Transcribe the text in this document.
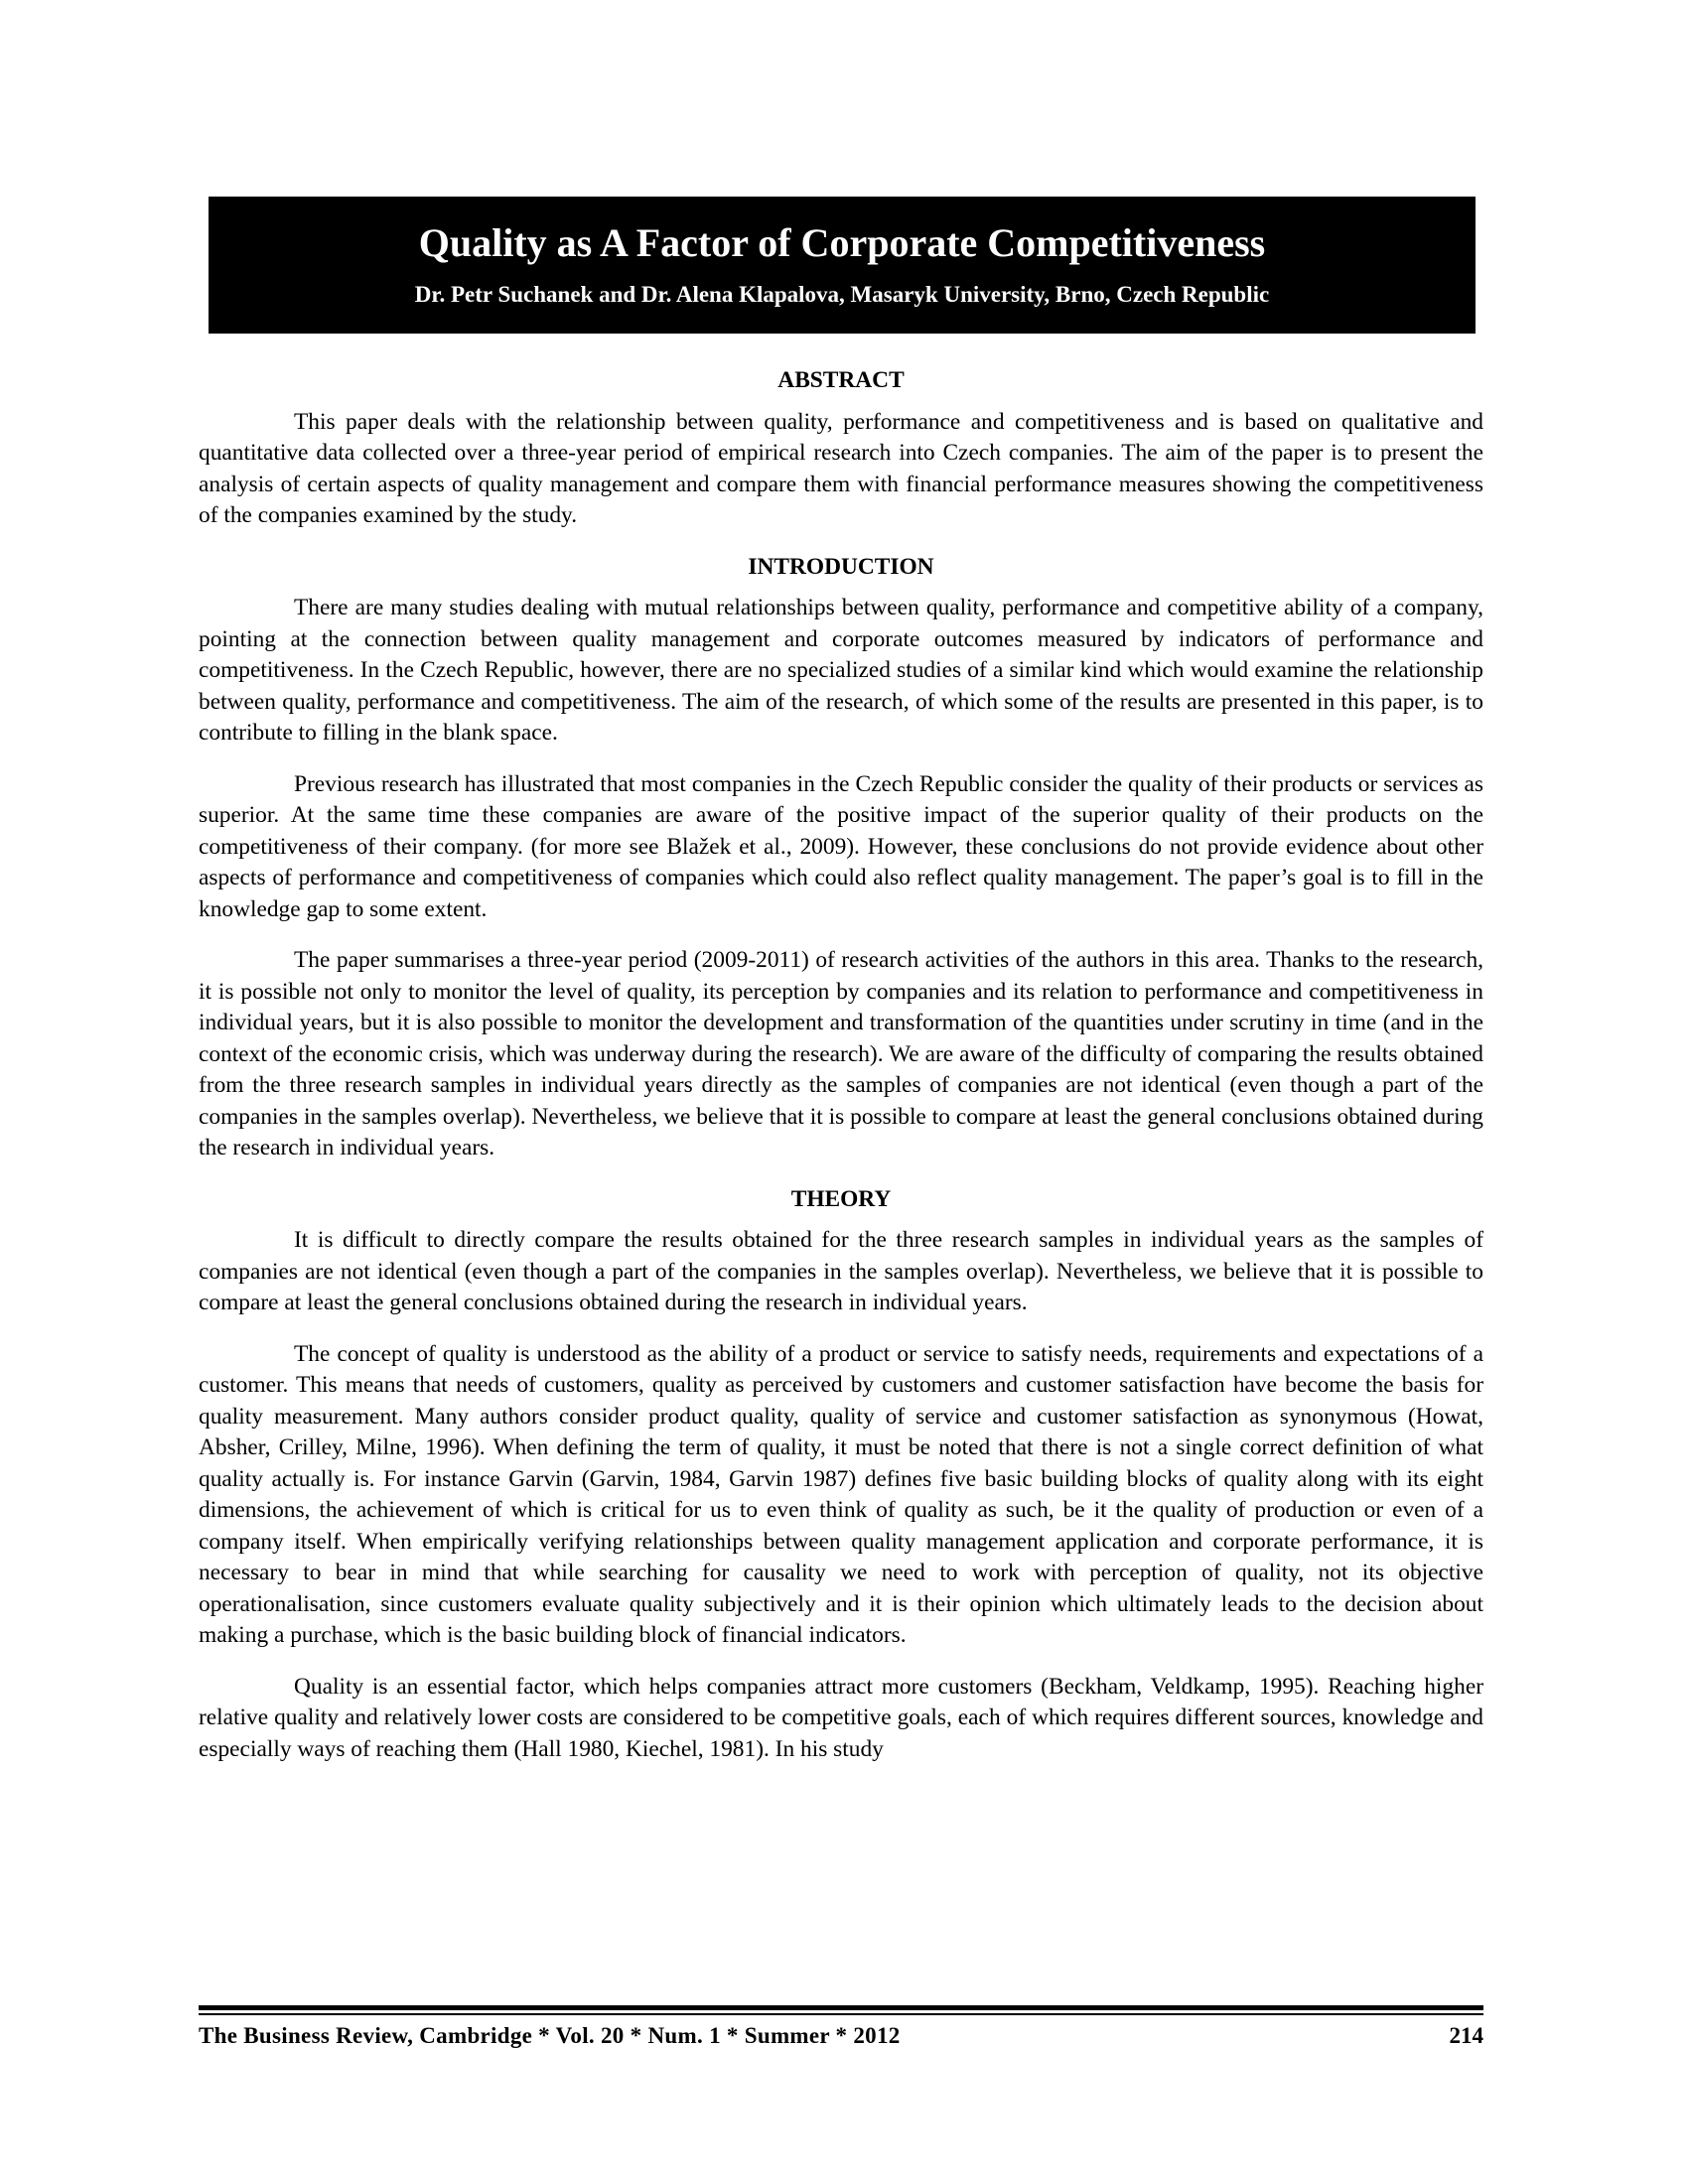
Quality as A Factor of Corporate Competitiveness
Dr. Petr Suchanek and Dr. Alena Klapalova, Masaryk University, Brno, Czech Republic
ABSTRACT

This paper deals with the relationship between quality, performance and competitiveness and is based on qualitative and quantitative data collected over a three-year period of empirical research into Czech companies. The aim of the paper is to present the analysis of certain aspects of quality management and compare them with financial performance measures showing the competitiveness of the companies examined by the study.

INTRODUCTION

There are many studies dealing with mutual relationships between quality, performance and competitive ability of a company, pointing at the connection between quality management and corporate outcomes measured by indicators of performance and competitiveness. In the Czech Republic, however, there are no specialized studies of a similar kind which would examine the relationship between quality, performance and competitiveness. The aim of the research, of which some of the results are presented in this paper, is to contribute to filling in the blank space.

Previous research has illustrated that most companies in the Czech Republic consider the quality of their products or services as superior. At the same time these companies are aware of the positive impact of the superior quality of their products on the competitiveness of their company. (for more see Blažek et al., 2009). However, these conclusions do not provide evidence about other aspects of performance and competitiveness of companies which could also reflect quality management. The paper’s goal is to fill in the knowledge gap to some extent.

The paper summarises a three-year period (2009-2011) of research activities of the authors in this area. Thanks to the research, it is possible not only to monitor the level of quality, its perception by companies and its relation to performance and competitiveness in individual years, but it is also possible to monitor the development and transformation of the quantities under scrutiny in time (and in the context of the economic crisis, which was underway during the research). We are aware of the difficulty of comparing the results obtained from the three research samples in individual years directly as the samples of companies are not identical (even though a part of the companies in the samples overlap). Nevertheless, we believe that it is possible to compare at least the general conclusions obtained during the research in individual years.

THEORY

It is difficult to directly compare the results obtained for the three research samples in individual years as the samples of companies are not identical (even though a part of the companies in the samples overlap). Nevertheless, we believe that it is possible to compare at least the general conclusions obtained during the research in individual years.

The concept of quality is understood as the ability of a product or service to satisfy needs, requirements and expectations of a customer. This means that needs of customers, quality as perceived by customers and customer satisfaction have become the basis for quality measurement. Many authors consider product quality, quality of service and customer satisfaction as synonymous (Howat, Absher, Crilley, Milne, 1996). When defining the term of quality, it must be noted that there is not a single correct definition of what quality actually is. For instance Garvin (Garvin, 1984, Garvin 1987) defines five basic building blocks of quality along with its eight dimensions, the achievement of which is critical for us to even think of quality as such, be it the quality of production or even of a company itself. When empirically verifying relationships between quality management application and corporate performance, it is necessary to bear in mind that while searching for causality we need to work with perception of quality, not its objective operationalisation, since customers evaluate quality subjectively and it is their opinion which ultimately leads to the decision about making a purchase, which is the basic building block of financial indicators.

Quality is an essential factor, which helps companies attract more customers (Beckham, Veldkamp, 1995). Reaching higher relative quality and relatively lower costs are considered to be competitive goals, each of which requires different sources, knowledge and especially ways of reaching them (Hall 1980, Kiechel, 1981). In his study

The Business Review, Cambridge * Vol. 20 * Num. 1 * Summer * 2012	214
